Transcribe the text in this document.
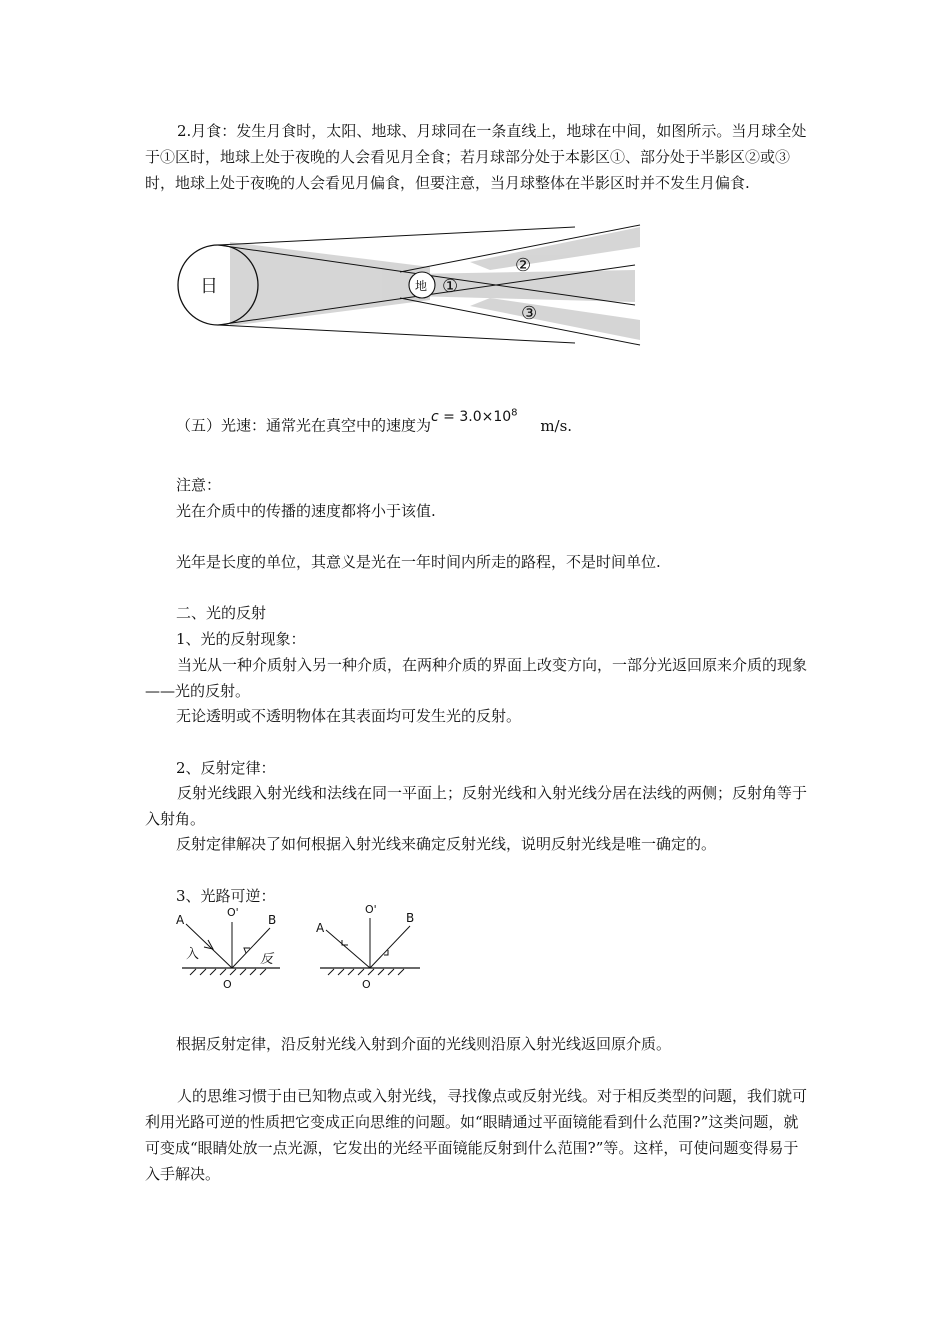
2.月食：发生月食时，太阳、地球、月球同在一条直线上，地球在中间，如图所示。当月球全处于①区时，地球上处于夜晚的人会看见月全食；若月球部分处于本影区①、部分处于半影区②或③时，地球上处于夜晚的人会看见月偏食，但要注意，当月球整体在半影区时并不发生月偏食.

日	地 ①
②
③
（五）光速：通常光在真空中的速度为$c = 3.0\times 10^8$ m/s.
注意：
光在介质中的传播的速度都将小于该值.
光年是长度的单位，其意义是光在一年时间内所走的路程，不是时间单位.
二、光的反射
1、光的反射现象：

当光从一种介质射入另一种介质，在两种介质的界面上改变方向，一部分光返回原来介质的现象——光的反射。

无论透明或不透明物体在其表面均可发生光的反射。
2、反射定律：

反射光线跟入射光线和法线在同一平面上；反射光线和入射光线分居在法线的两侧；反射角等于入射角。

反射定律解决了如何根据入射光线来确定反射光线，说明反射光线是唯一确定的。
3、光路可逆：
A	B
O'
O
入	反
A
B
O'
O
根据反射定律，沿反射光线入射到介面的光线则沿原入射光线返回原介质。

人的思维习惯于由已知物点或入射光线，寻找像点或反射光线。对于相反类型的问题，我们就可利用光路可逆的性质把它变成正向思维的问题。如“眼睛通过平面镜能看到什么范围?”这类问题，就可变成“眼睛处放一点光源，它发出的光经平面镜能反射到什么范围?”等。这样，可使问题变得易于入手解决。
